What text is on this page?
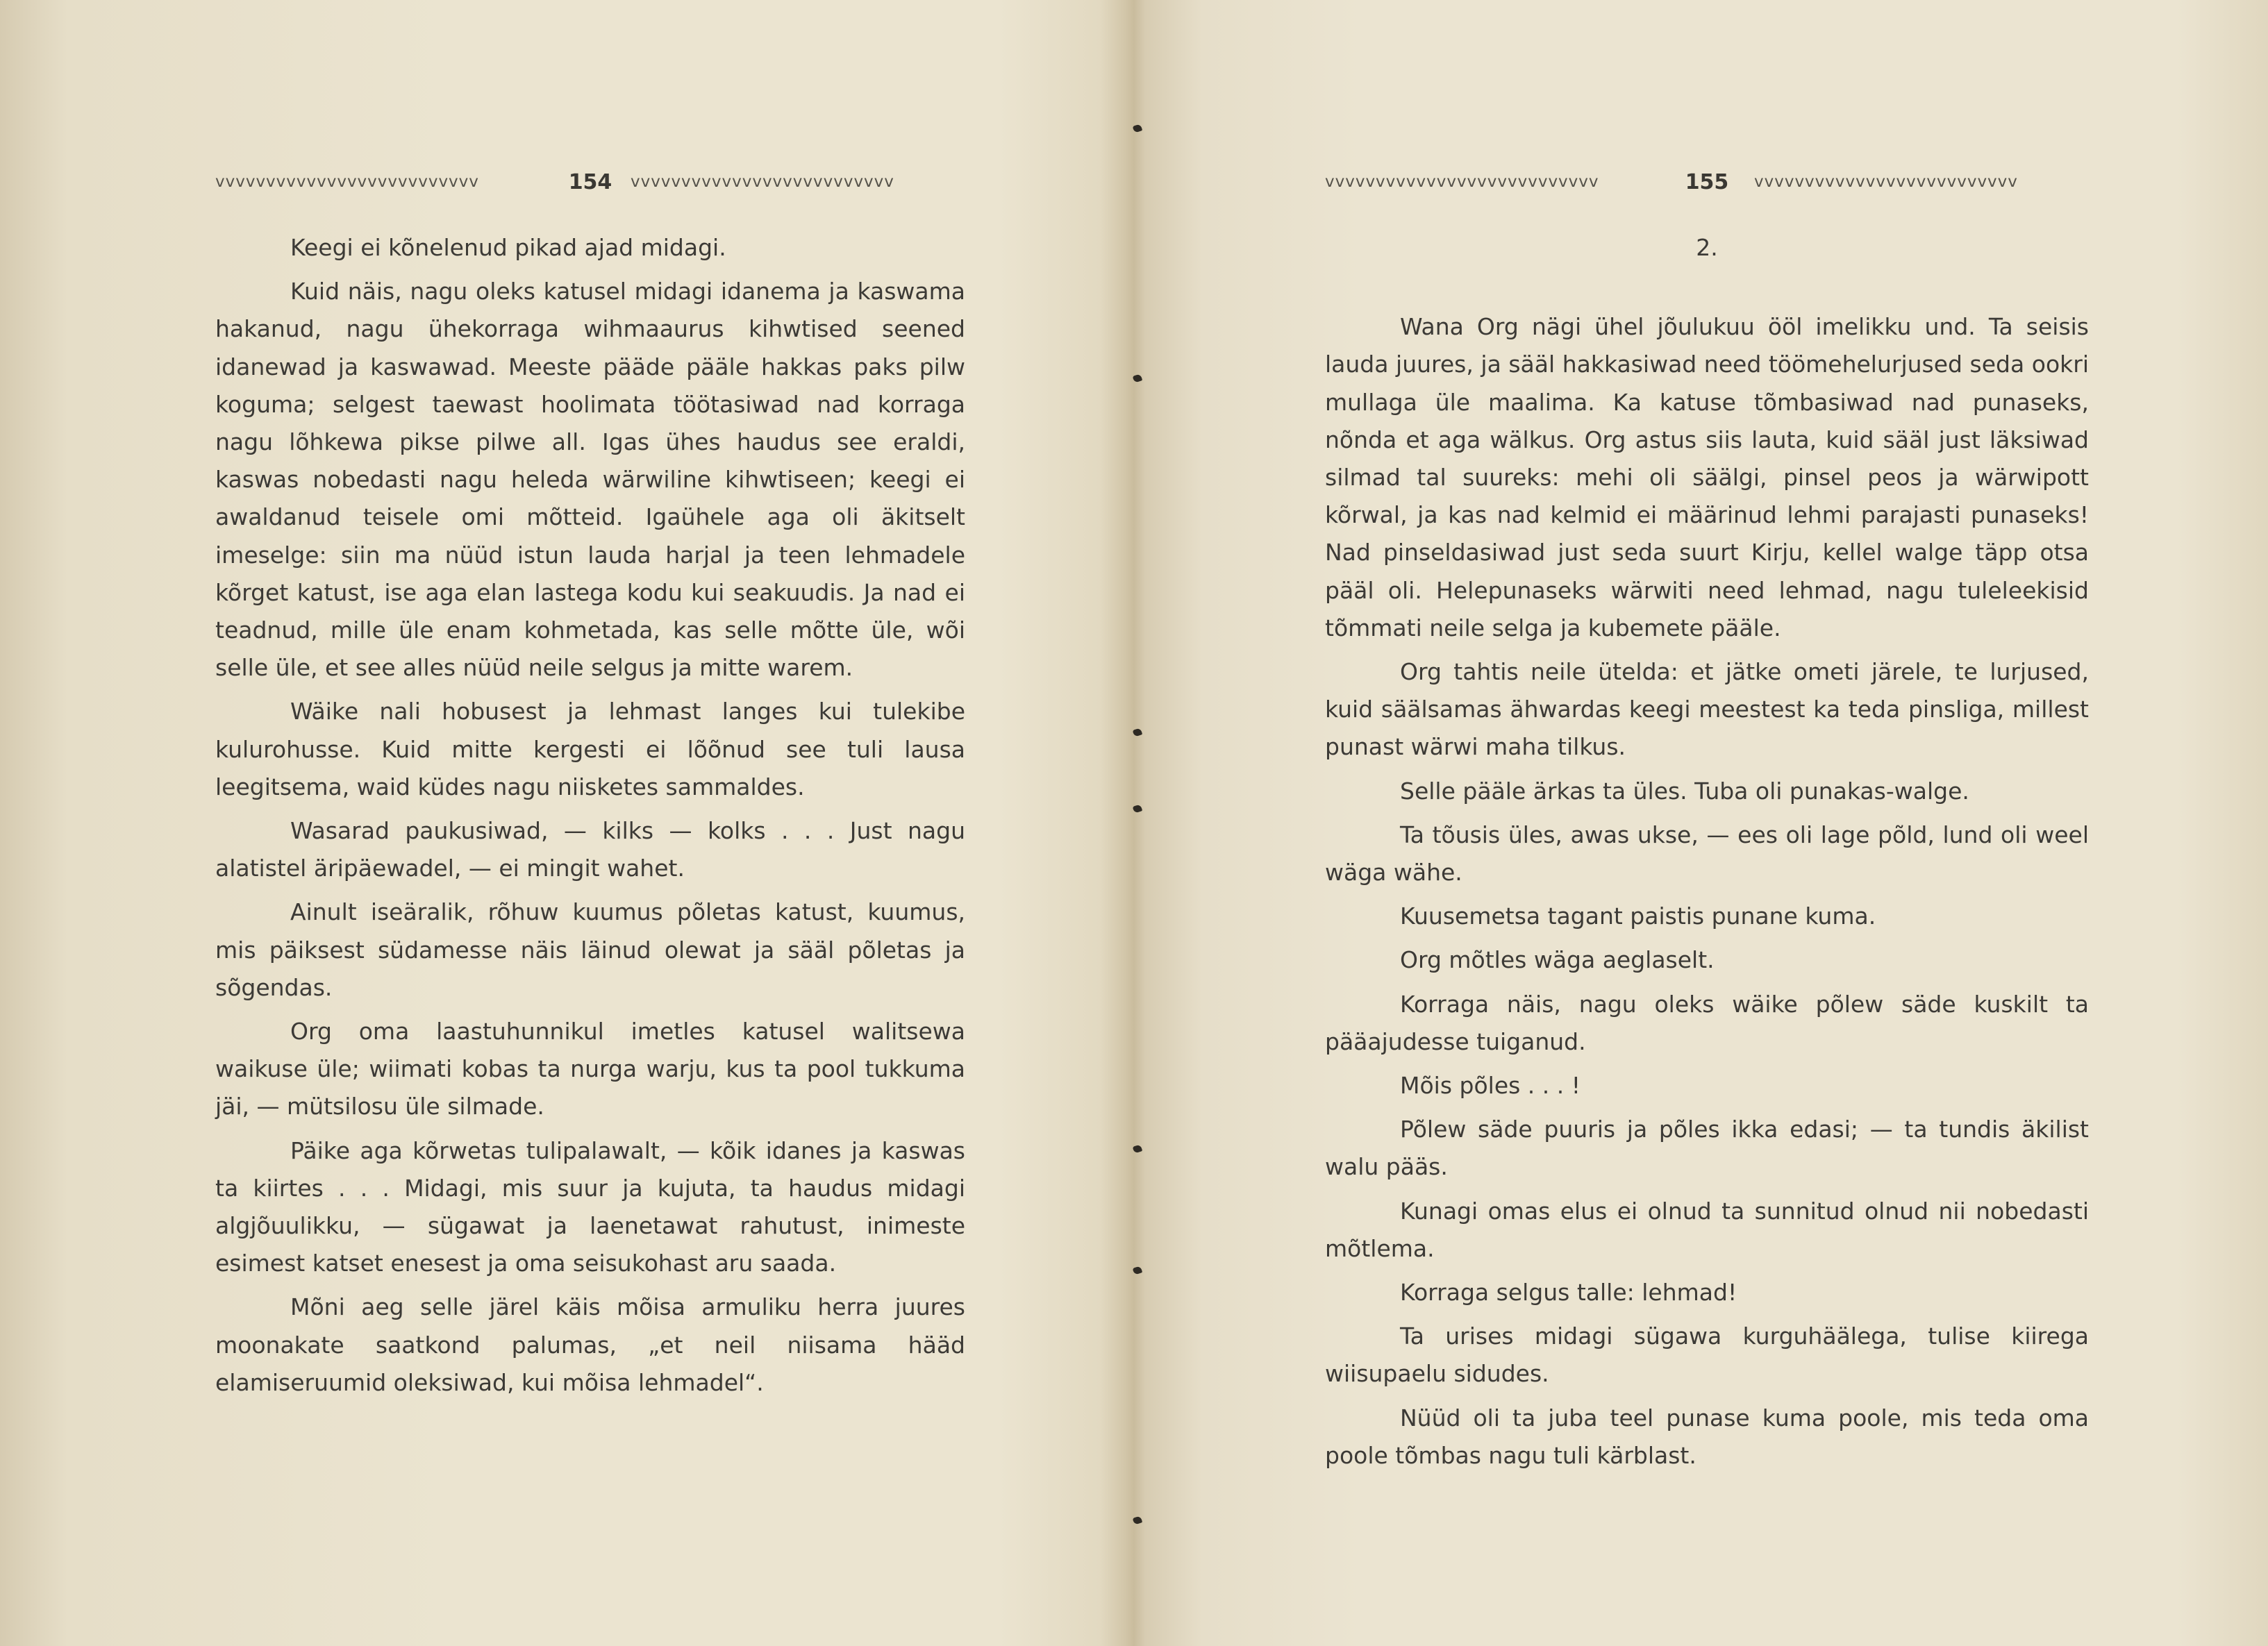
vvvvvvvvvvvvvvvvvvvvvvvvvv	154	vvvvvvvvvvvvvvvvvvvvvvvvvv

Keegi ei kõnelenud pikad ajad midagi.

Kuid näis, nagu oleks katusel midagi idanema ja kaswama hakanud, nagu ühekorraga wihmaaurus kihwtised seened idanewad ja kaswawad. Meeste pääde pääle hakkas paks pilw koguma; selgest taewast hoolimata töötasiwad nad korraga nagu lõhkewa pikse pilwe all. Igas ühes haudus see eraldi, kaswas nobedasti nagu heleda wärwiline kihwtiseen; keegi ei awaldanud teisele omi mõtteid. Igaühele aga oli äkitselt imeselge: siin ma nüüd istun lauda harjal ja teen lehmadele kõrget katust, ise aga elan lastega kodu kui seakuudis. Ja nad ei teadnud, mille üle enam kohmetada, kas selle mõtte üle, wõi selle üle, et see alles nüüd neile selgus ja mitte warem.

Wäike nali hobusest ja lehmast langes kui tulekibe kulurohusse. Kuid mitte kergesti ei lõõnud see tuli lausa leegitsema, waid küdes nagu niisketes sammaldes.

Wasarad paukusiwad, — kilks — kolks . . . Just nagu alatistel äripäewadel, — ei mingit wahet.

Ainult iseäralik, rõhuw kuumus põletas katust, kuumus, mis päiksest südamesse näis läinud olewat ja sääl põletas ja sõgendas.

Org oma laastuhunnikul imetles katusel walitsewa waikuse üle; wiimati kobas ta nurga warju, kus ta pool tukkuma jäi, — mütsilosu üle silmade.

Päike aga kõrwetas tulipalawalt, — kõik idanes ja kaswas ta kiirtes . . . Midagi, mis suur ja kujuta, ta haudus midagi algjõuulikku, — sügawat ja laenetawat rahutust, inimeste esimest katset enesest ja oma seisukohast aru saada.

Mõni aeg selle järel käis mõisa armuliku herra juures moonakate saatkond palumas, „et neil niisama hääd elamiseruumid oleksiwad, kui mõisa lehmadel“.

vvvvvvvvvvvvvvvvvvvvvvvvvvv	155	vvvvvvvvvvvvvvvvvvvvvvvvvv
2.

Wana Org nägi ühel jõulukuu ööl imelikku und. Ta seisis lauda juures, ja sääl hakkasiwad need töömehelurjused seda ookri mullaga üle maalima. Ka katuse tõmbasiwad nad punaseks, nõnda et aga wälkus. Org astus siis lauta, kuid sääl just läksiwad silmad tal suureks: mehi oli säälgi, pinsel peos ja wärwipott kõrwal, ja kas nad kelmid ei määrinud lehmi parajasti punaseks! Nad pinseldasiwad just seda suurt Kirju, kellel walge täpp otsa pääl oli. Helepunaseks wärwiti need lehmad, nagu tuleleekisid tõmmati neile selga ja kubemete pääle.

Org tahtis neile ütelda: et jätke ometi järele, te lurjused, kuid säälsamas ähwardas keegi meestest ka teda pinsliga, millest punast wärwi maha tilkus.

Selle pääle ärkas ta üles. Tuba oli punakas-walge.

Ta tõusis üles, awas ukse, — ees oli lage põld, lund oli weel wäga wähe.

Kuusemetsa tagant paistis punane kuma.

Org mõtles wäga aeglaselt.

Korraga näis, nagu oleks wäike põlew säde kuskilt ta pääajudesse tuiganud.

Mõis põles . . . !

Põlew säde puuris ja põles ikka edasi; — ta tundis äkilist walu pääs.

Kunagi omas elus ei olnud ta sunnitud olnud nii nobedasti mõtlema.

Korraga selgus talle: lehmad!

Ta urises midagi sügawa kurguhäälega, tulise kiirega wiisupaelu sidudes.

Nüüd oli ta juba teel punase kuma poole, mis teda oma poole tõmbas nagu tuli kärblast.
